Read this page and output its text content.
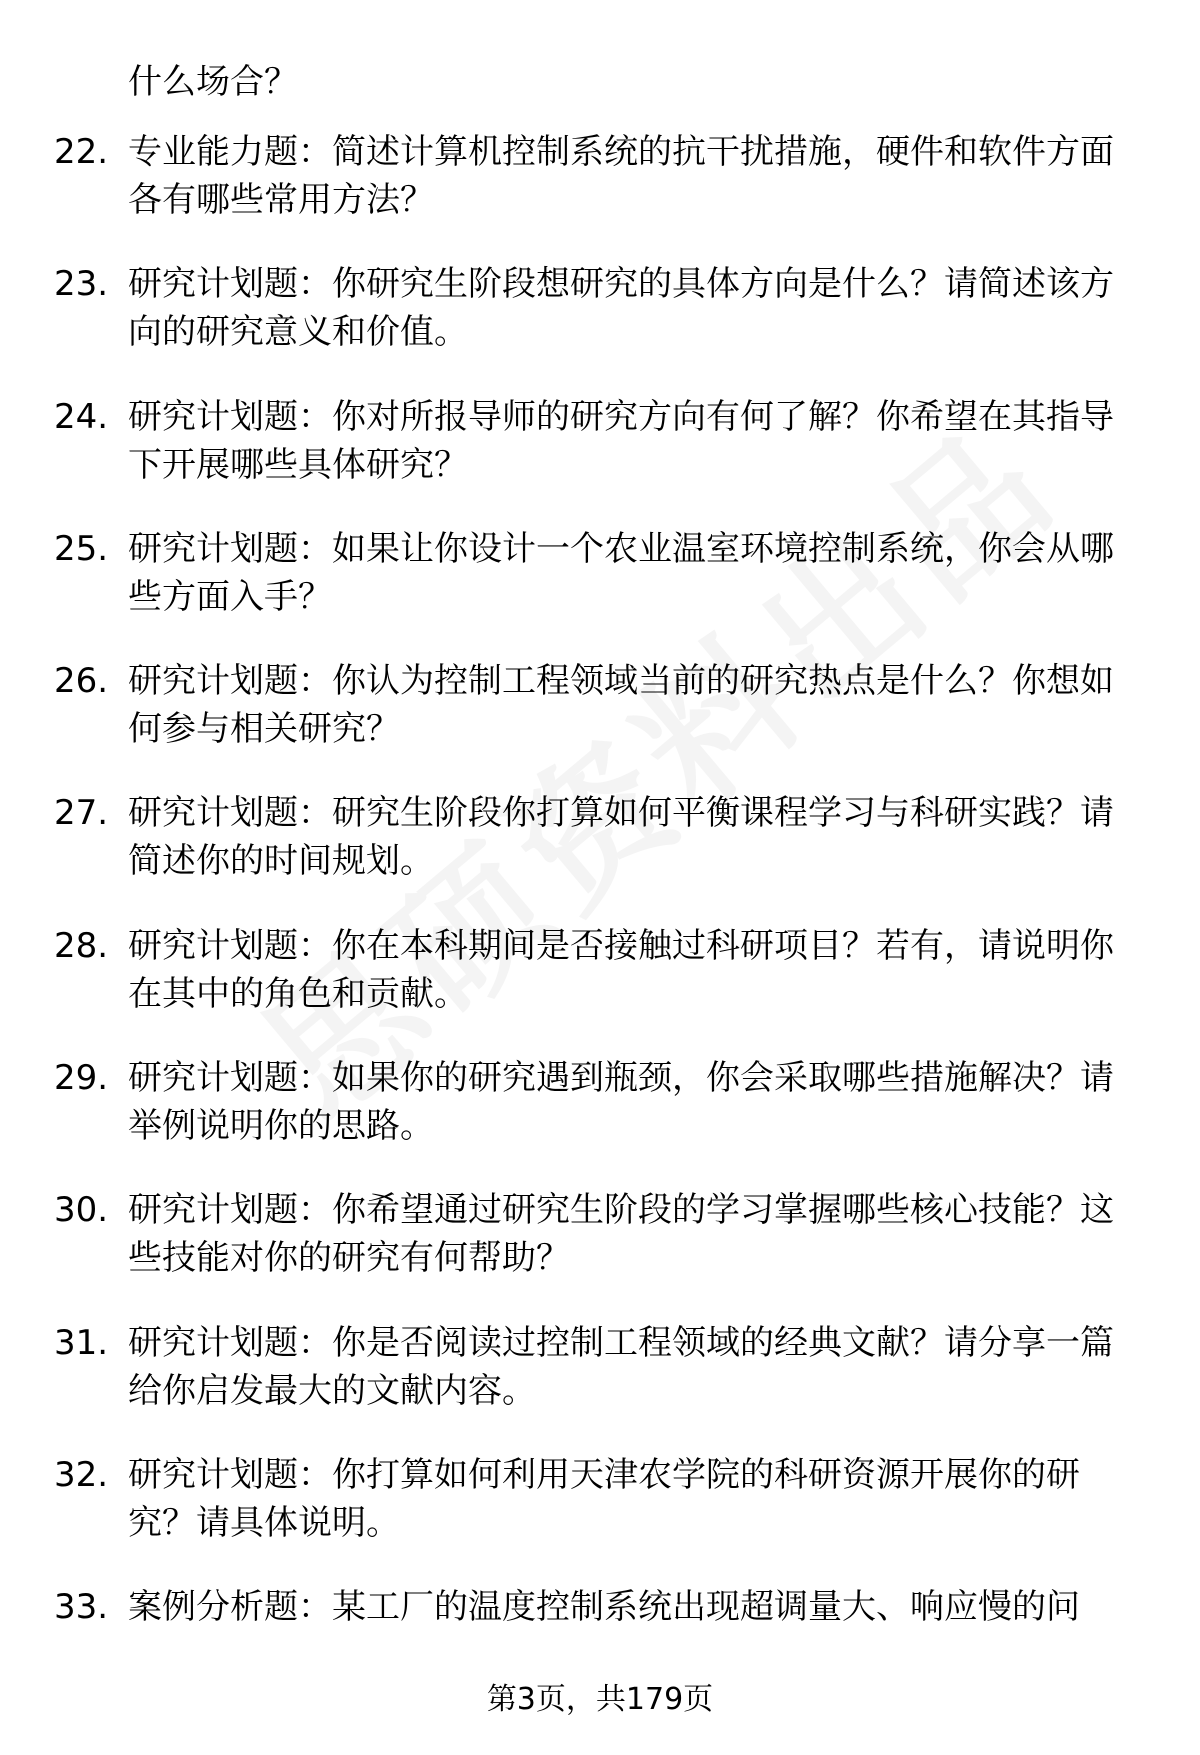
什么场合？
22. 专业能力题：简述计算机控制系统的抗干扰措施，硬件和软件方面各有哪些常用方法？
23. 研究计划题：你研究生阶段想研究的具体方向是什么？请简述该方向的研究意义和价值。
24. 研究计划题：你对所报导师的研究方向有何了解？你希望在其指导下开展哪些具体研究？
25. 研究计划题：如果让你设计一个农业温室环境控制系统，你会从哪些方面入手？
26. 研究计划题：你认为控制工程领域当前的研究热点是什么？你想如何参与相关研究？
27. 研究计划题：研究生阶段你打算如何平衡课程学习与科研实践？请简述你的时间规划。
28. 研究计划题：你在本科期间是否接触过科研项目？若有，请说明你在其中的角色和贡献。
29. 研究计划题：如果你的研究遇到瓶颈，你会采取哪些措施解决？请举例说明你的思路。
30. 研究计划题：你希望通过研究生阶段的学习掌握哪些核心技能？这些技能对你的研究有何帮助？
31. 研究计划题：你是否阅读过控制工程领域的经典文献？请分享一篇给你启发最大的文献内容。
32. 研究计划题：你打算如何利用天津农学院的科研资源开展你的研究？请具体说明。
33. 案例分析题：某工厂的温度控制系统出现超调量大、响应慢的问
第3页，共179页
